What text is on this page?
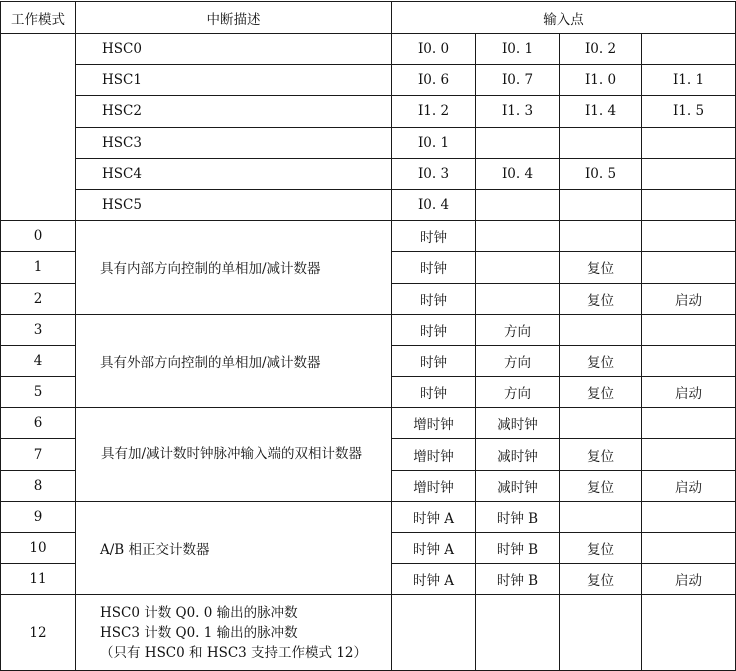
工作模式	中断描述	输入点			
	HSC0	I0. 0	I0. 1	I0. 2	
	HSC1	I0. 6	I0. 7	I1. 0	I1. 1
	HSC2	I1. 2	I1. 3	I1. 4	I1. 5
	HSC3	I0. 1			
	HSC4	I0. 3	I0. 4	I0. 5	
	HSC5	I0. 4			
0	具有内部方向控制的单相加/减计数器	时钟			
1		时钟		复位	
2		时钟		复位	启动
3	具有外部方向控制的单相加/减计数器	时钟	方向		
4		时钟	方向	复位	
5		时钟	方向	复位	启动
6	具有加/减计数时钟脉冲输入端的双相计数器	增时钟	减时钟		
7		增时钟	减时钟	复位	
8		增时钟	减时钟	复位	启动
9	A/B 相正交计数器	时钟 A	时钟 B		
10		时钟 A	时钟 B	复位	
11		时钟 A	时钟 B	复位	启动
12	HSC0 计数 Q0. 0 输出的脉冲数
HSC3 计数 Q0. 1 输出的脉冲数
（只有 HSC0 和 HSC3 支持工作模式 12）				
